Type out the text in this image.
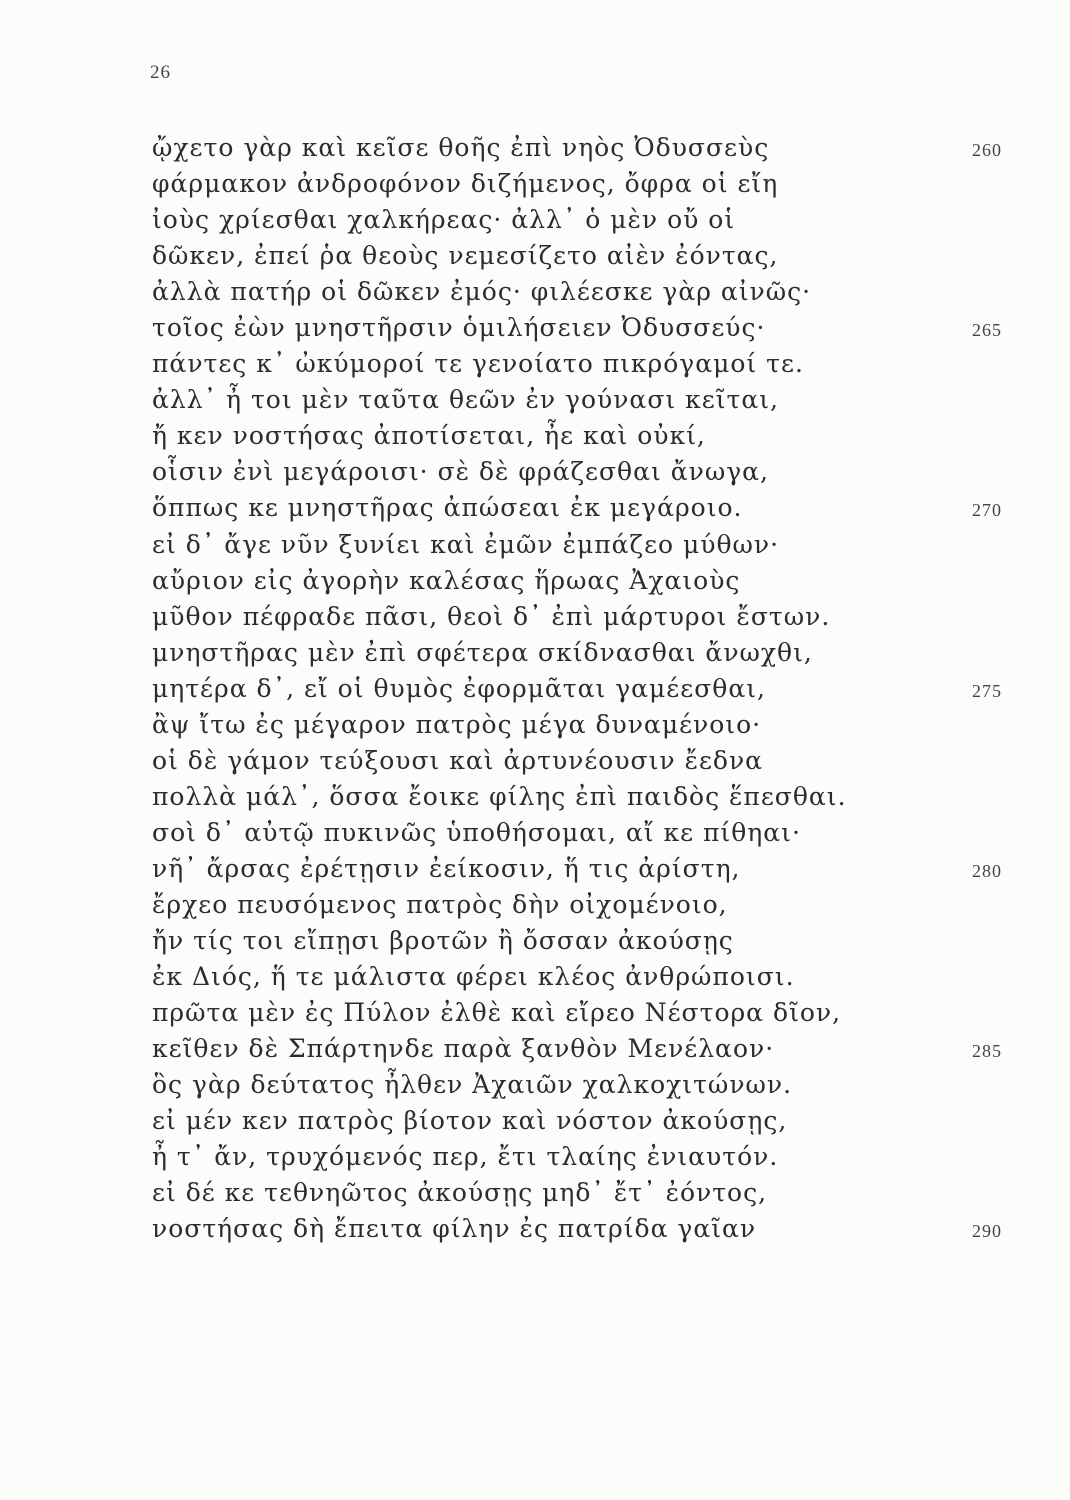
26
ᾤχετο γὰρ καὶ κεῖσε θοῆς ἐπὶ νηὸς Ὀδυσσεὺς	260
φάρμακον ἀνδροφόνον διζήμενος, ὄφρα οἱ εἴη
ἰοὺς χρίεσθαι χαλκήρεας· ἀλλ᾽ ὁ μὲν οὔ οἱ
δῶκεν, ἐπεί ῥα θεοὺς νεμεσίζετο αἰὲν ἐόντας,
ἀλλὰ πατήρ οἱ δῶκεν ἐμός· φιλέεσκε γὰρ αἰνῶς·
τοῖος ἐὼν μνηστῆρσιν ὁμιλήσειεν Ὀδυσσεύς·	265
πάντες κ᾽ ὠκύμοροί τε γενοίατο πικρόγαμοί τε.
ἀλλ᾽ ἦ τοι μὲν ταῦτα θεῶν ἐν γούνασι κεῖται,
ἤ κεν νοστήσας ἀποτίσεται, ἦε καὶ οὐκί,
οἷσιν ἐνὶ μεγάροισι· σὲ δὲ φράζεσθαι ἄνωγα,
ὅππως κε μνηστῆρας ἀπώσεαι ἐκ μεγάροιο.	270
εἰ δ᾽ ἄγε νῦν ξυνίει καὶ ἐμῶν ἐμπάζεο μύθων·
αὔριον εἰς ἀγορὴν καλέσας ἥρωας Ἀχαιοὺς
μῦθον πέφραδε πᾶσι, θεοὶ δ᾽ ἐπὶ μάρτυροι ἔστων.
μνηστῆρας μὲν ἐπὶ σφέτερα σκίδνασθαι ἄνωχθι,
μητέρα δ᾽, εἴ οἱ θυμὸς ἐφορμᾶται γαμέεσθαι,	275
ἂψ ἴτω ἐς μέγαρον πατρὸς μέγα δυναμένοιο·
οἱ δὲ γάμον τεύξουσι καὶ ἀρτυνέουσιν ἔεδνα
πολλὰ μάλ᾽, ὅσσα ἔοικε φίλης ἐπὶ παιδὸς ἕπεσθαι.
σοὶ δ᾽ αὐτῷ πυκινῶς ὑποθήσομαι, αἴ κε πίθηαι·
νῆ᾽ ἄρσας ἐρέτῃσιν ἐείκοσιν, ἥ τις ἀρίστη,	280
ἔρχεο πευσόμενος πατρὸς δὴν οἰχομένοιο,
ἤν τίς τοι εἴπῃσι βροτῶν ἢ ὄσσαν ἀκούσῃς
ἐκ Διός, ἥ τε μάλιστα φέρει κλέος ἀνθρώποισι.
πρῶτα μὲν ἐς Πύλον ἐλθὲ καὶ εἴρεο Νέστορα δῖον,
κεῖθεν δὲ Σπάρτηνδε παρὰ ξανθὸν Μενέλαον·	285
ὃς γὰρ δεύτατος ἦλθεν Ἀχαιῶν χαλκοχιτώνων.
εἰ μέν κεν πατρὸς βίοτον καὶ νόστον ἀκούσῃς,
ἦ τ᾽ ἄν, τρυχόμενός περ, ἔτι τλαίης ἐνιαυτόν.
εἰ δέ κε τεθνηῶτος ἀκούσῃς μηδ᾽ ἔτ᾽ ἐόντος,
νοστήσας δὴ ἔπειτα φίλην ἐς πατρίδα γαῖαν	290
